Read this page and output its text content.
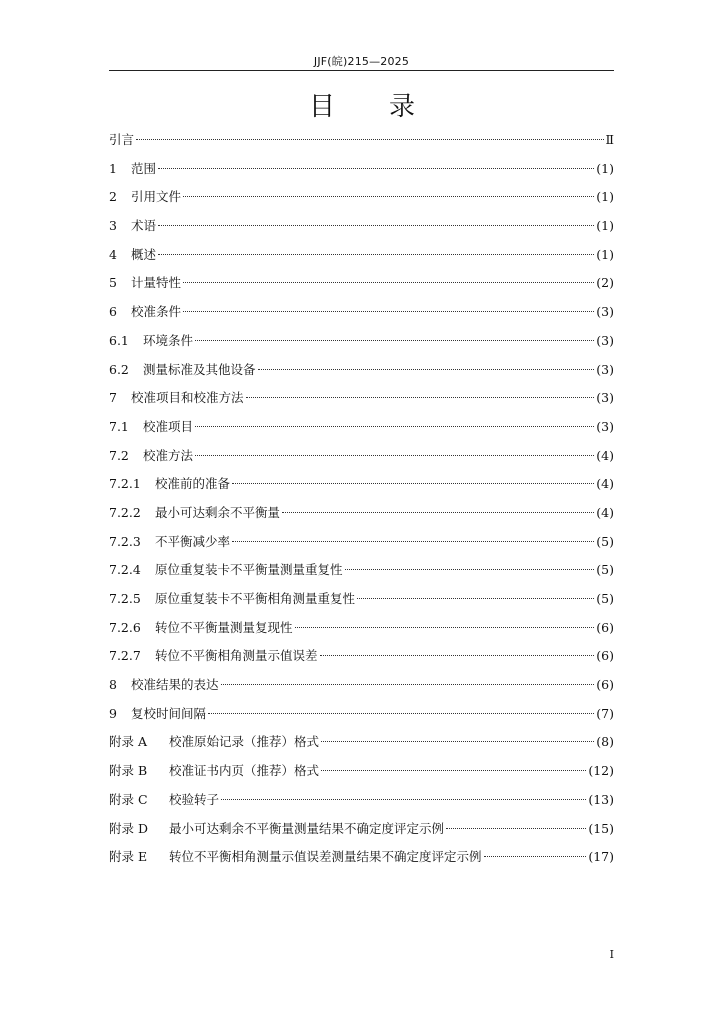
JJF(皖)215—2025
目 录
引言	Ⅱ
1	范围	(1)
2	引用文件	(1)
3	术语	(1)
4	概述	(1)
5	计量特性	(2)
6	校准条件	(3)
6.1	环境条件	(3)
6.2	测量标准及其他设备	(3)
7	校准项目和校准方法	(3)
7.1	校准项目	(3)
7.2	校准方法	(4)
7.2.1	校准前的准备	(4)
7.2.2	最小可达剩余不平衡量	(4)
7.2.3	不平衡减少率	(5)
7.2.4	原位重复装卡不平衡量测量重复性	(5)
7.2.5	原位重复装卡不平衡相角测量重复性	(5)
7.2.6	转位不平衡量测量复现性	(6)
7.2.7	转位不平衡相角测量示值误差	(6)
8	校准结果的表达	(6)
9	复校时间间隔	(7)
附录 A	校准原始记录（推荐）格式	(8)
附录 B	校准证书内页（推荐）格式	(12)
附录 C	校验转子	(13)
附录 D	最小可达剩余不平衡量测量结果不确定度评定示例	(15)
附录 E	转位不平衡相角测量示值误差测量结果不确定度评定示例	(17)
I
